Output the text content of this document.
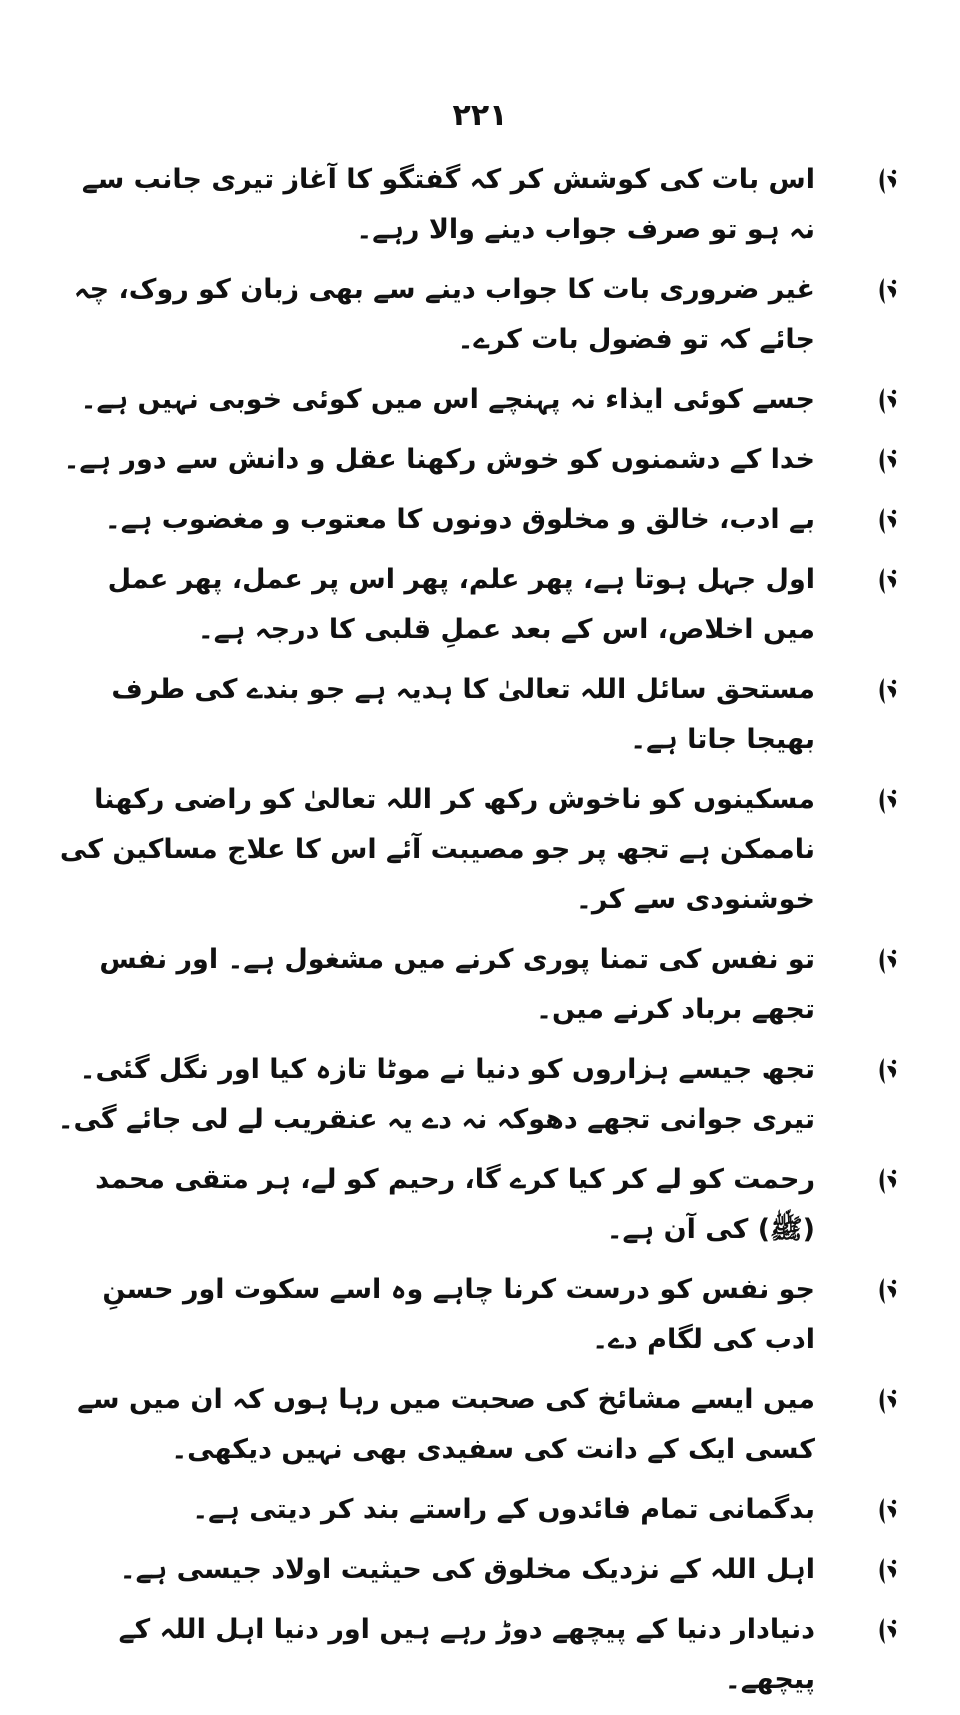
۲۲۱
اس بات کی کوشش کر کہ گفتگو کا آغاز تیری جانب سے نہ ہو تو صرف جواب دینے والا رہے۔
غیر ضروری بات کا جواب دینے سے بھی زبان کو روک، چہ جائے کہ تو فضول بات کرے۔
جسے کوئی ایذاء نہ پہنچے اس میں کوئی خوبی نہیں ہے۔
خدا کے دشمنوں کو خوش رکھنا عقل و دانش سے دور ہے۔
بے ادب، خالق و مخلوق دونوں کا معتوب و مغضوب ہے۔
اول جہل ہوتا ہے، پھر علم، پھر اس پر عمل، پھر عمل میں اخلاص، اس کے بعد عملِ قلبی کا درجہ ہے۔
مستحق سائل اللہ تعالیٰ کا ہدیہ ہے جو بندے کی طرف بھیجا جاتا ہے۔
مسکینوں کو ناخوش رکھ کر اللہ تعالیٰ کو راضی رکھنا ناممکن ہے تجھ پر جو مصیبت آئے اس کا علاج مساکین کی خوشنودی سے کر۔
تو نفس کی تمنا پوری کرنے میں مشغول ہے۔ اور نفس تجھے برباد کرنے میں۔
تجھ جیسے ہزاروں کو دنیا نے موٹا تازہ کیا اور نگل گئی۔ تیری جوانی تجھے دھوکہ نہ دے یہ عنقریب لے لی جائے گی۔
رحمت کو لے کر کیا کرے گا، رحیم کو لے، ہر متقی محمد (ﷺ) کی آن ہے۔
جو نفس کو درست کرنا چاہے وہ اسے سکوت اور حسنِ ادب کی لگام دے۔
میں ایسے مشائخ کی صحبت میں رہا ہوں کہ ان میں سے کسی ایک کے دانت کی سفیدی بھی نہیں دیکھی۔
بدگمانی تمام فائدوں کے راستے بند کر دیتی ہے۔
اہل اللہ کے نزدیک مخلوق کی حیثیت اولاد جیسی ہے۔
دنیادار دنیا کے پیچھے دوڑ رہے ہیں اور دنیا اہل اللہ کے پیچھے۔
